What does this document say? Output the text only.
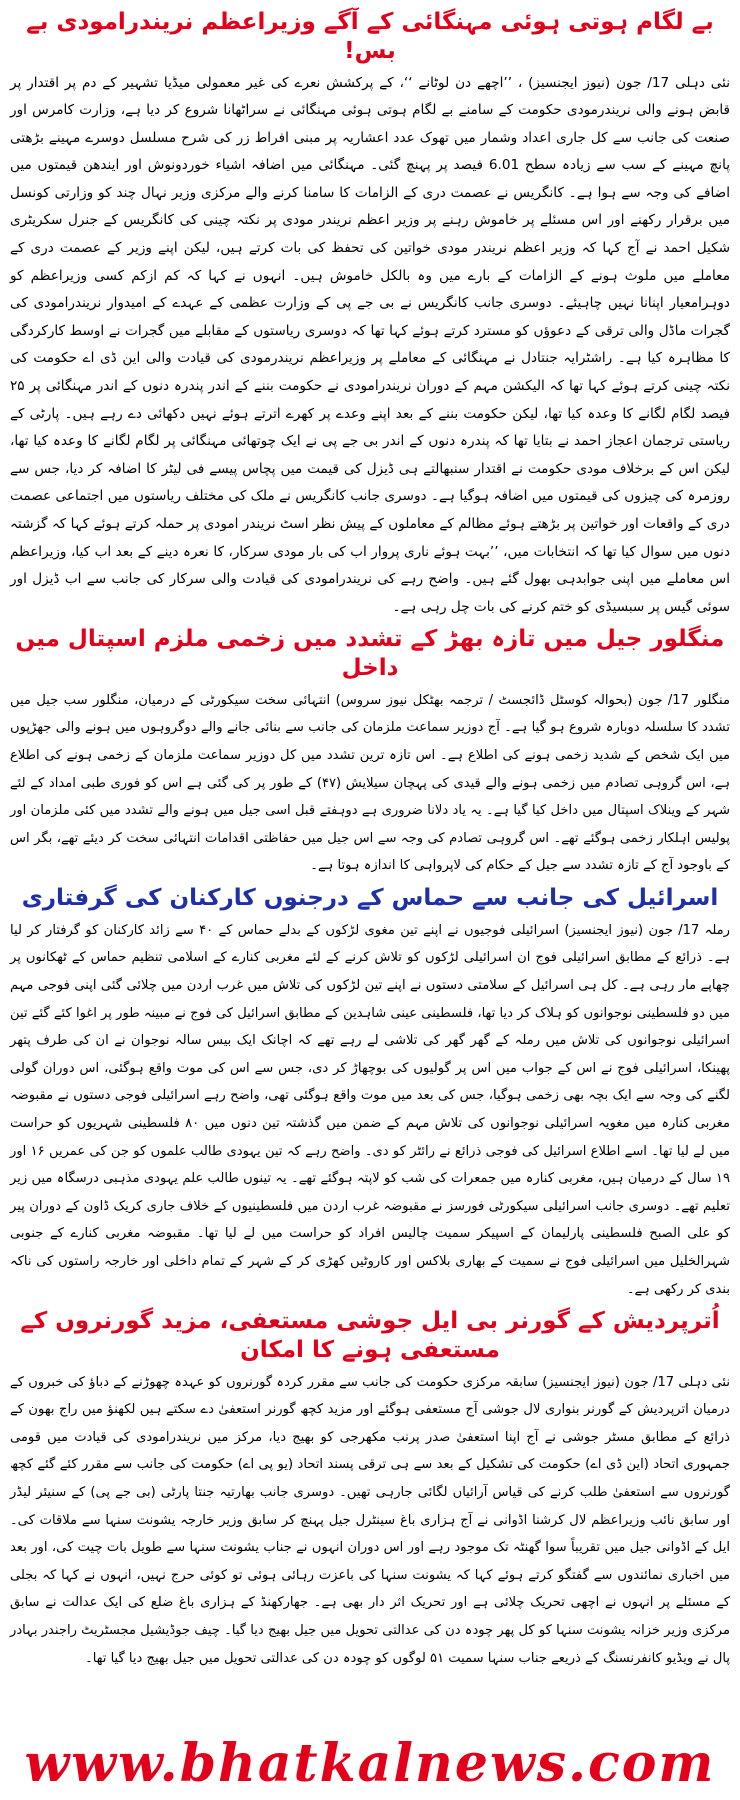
بے لگام ہوتی ہوئی مہنگائی کے آگے وزیراعظم نریندرامودی بے بس!

نئی دہلی 17/ جون (نیوز ایجنسیز) ، ’’اچھے دن لوٹانے ‘‘، کے پرکشش نعرے کی غیر معمولی میڈیا تشہیر کے دم پر اقتدار پر قابض ہونے والی نریندرمودی حکومت کے سامنے بے لگام ہوتی ہوئی مہنگائی نے سراٹھانا شروع کر دیا ہے، وزارت کامرس اور صنعت کی جانب سے کل جاری اعداد وشمار میں تھوک عدد اعشاریہ پر مبنی افراط زر کی شرح مسلسل دوسرے مہینے بڑھتی پانچ مہینے کے سب سے زیادہ سطح 6.01 فیصد پر پہنچ گئی۔ مہنگائی میں اضافہ اشیاء خوردونوش اور ایندھن قیمتوں میں اضافے کی وجہ سے ہوا ہے۔ کانگریس نے عصمت دری کے الزامات کا سامنا کرنے والے مرکزی وزیر نہال چند کو وزارتی کونسل میں برقرار رکھنے اور اس مسئلے پر خاموش رہنے پر وزیر اعظم نریندر مودی پر نکتہ چینی کی کانگریس کے جنرل سکریٹری شکیل احمد نے آج کہا کہ وزیر اعظم نریندر مودی خواتین کی تحفظ کی بات کرتے ہیں، لیکن اپنے وزیر کے عصمت دری کے معاملے میں ملوث ہونے کے الزامات کے بارے میں وہ بالکل خاموش ہیں۔ انہوں نے کہا کہ کم ازکم کسی وزیراعظم کو دوہرامعیار اپنانا نہیں چاہیئے۔ دوسری جانب کانگریس نے بی جے پی کے وزارت عظمی کے عہدے کے امیدوار نریندرامودی کی گجرات ماڈل والی ترقی کے دعوؤں کو مسترد کرتے ہوئے کہا تھا کہ دوسری ریاستوں کے مقابلے میں گجرات نے اوسط کارکردگی کا مظاہرہ کیا ہے۔ راشٹرایہ جنتادل نے مہنگائی کے معاملے پر وزیراعظم نریندرمودی کی قیادت والی این ڈی اے حکومت کی نکتہ چینی کرتے ہوئے کہا تھا کہ الیکشن مہم کے دوران نریندرامودی نے حکومت بننے کے اندر پندرہ دنوں کے اندر مہنگائی پر ۲۵ فیصد لگام لگانے کا وعدہ کیا تھا، لیکن حکومت بننے کے بعد اپنے وعدے پر کھرے اترتے ہوئے نہیں دکھائی دے رہے ہیں۔ پارٹی کے ریاستی ترجمان اعجاز احمد نے بتایا تھا کہ پندرہ دنوں کے اندر بی جے پی نے ایک چوتھائی مہنگائی پر لگام لگانے کا وعدہ کیا تھا، لیکن اس کے برخلاف مودی حکومت نے اقتدار سنبھالتے ہی ڈیزل کی قیمت میں پچاس پیسے فی لیٹر کا اضافہ کر دیا، جس سے روزمرہ کی چیزوں کی قیمتوں میں اضافہ ہوگیا ہے۔ دوسری جانب کانگریس نے ملک کی مختلف ریاستوں میں اجتماعی عصمت دری کے واقعات اور خواتین پر بڑھتے ہوئے مظالم کے معاملوں کے پیش نظر اسٹ نریندر امودی پر حملہ کرتے ہوئے کہا کہ گزشتہ دنوں میں سوال کیا تھا کہ انتخابات میں، ’’بہت ہوئے ناری پروار اب کی بار مودی سرکار، کا نعرہ دینے کے بعد اب کیا، وزیراعظم اس معاملے میں اپنی جوابدہی بھول گئے ہیں۔ واضح رہے کی نریندرامودی کی قیادت والی سرکار کی جانب سے اب ڈیزل اور سوئی گیس پر سبسیڈی کو ختم کرنے کی بات چل رہی ہے۔

منگلور جیل میں تازہ بھڑ کے تشدد میں زخمی ملزم اسپتال میں داخل

منگلور 17/ جون (بحوالہ کوسٹل ڈائجسٹ / ترجمہ بھٹکل نیوز سروس) انتہائی سخت سیکورٹی کے درمیان، منگلور سب جیل میں تشدد کا سلسلہ دوبارہ شروع ہو گیا ہے۔ آج دوزیر سماعت ملزمان کی جانب سے بنائی جانے والے دوگروہوں میں ہونے والی جھڑپوں میں ایک شخص کے شدید زخمی ہونے کی اطلاع ہے۔ اس تازہ ترین تشدد میں کل دوزیر سماعت ملزمان کے زخمی ہونے کی اطلاع ہے، اس گروہی تصادم میں زخمی ہونے والے قیدی کی پہچان سیلایش (۴۷) کے طور پر کی گئی ہے اس کو فوری طبی امداد کے لئے شہر کے وینلاک اسپتال میں داخل کیا گیا ہے۔ یہ یاد دلانا ضروری ہے دوہفتے قبل اسی جیل میں ہونے والے تشدد میں کئی ملزمان اور پولیس اہلکار زخمی ہوگئے تھے۔ اس گروہی تصادم کی وجہ سے اس جیل میں حفاظتی اقدامات انتہائی سخت کر دیئے تھے، بگر اس کے باوجود آج کے تازہ تشدد سے جیل کے حکام کی لاپرواہی کا اندازہ ہوتا ہے۔

اسرائیل کی جانب سے حماس کے درجنوں کارکنان کی گرفتاری

رملہ 17/ جون (نیوز ایجنسیز) اسرائیلی فوجیوں نے اپنے تین مغوی لڑکوں کے بدلے حماس کے ۴۰ سے زائد کارکنان کو گرفتار کر لیا ہے۔ ذرائع کے مطابق اسرائیلی فوج ان اسرائیلی لڑکوں کو تلاش کرنے کے لئے مغربی کنارے کے اسلامی تنظیم حماس کے ٹھکانوں پر چھاپے مار رہی ہے۔ کل ہی اسرائیل کے سلامتی دستوں نے اپنے تین لڑکوں کی تلاش میں غرب اردن میں چلائی گئی اپنی فوجی مہم میں دو فلسطینی نوجوانوں کو ہلاک کر دیا تھا، فلسطینی عینی شاہدین کے مطابق اسرائیل کی فوج نے مبینہ طور پر اغوا کئے گئے تین اسرائیلی نوجوانوں کی تلاش میں رملہ کے گھر گھر کی تلاشی لے رہے تھے کہ اچانک ایک بیس سالہ نوجوان نے ان کی طرف پتھر پھینکا، اسرائیلی فوج نے اس کے جواب میں اس پر گولیوں کی بوچھاڑ کر دی، جس سے اس کی موت واقع ہوگئی، اس دوران گولی لگنے کی وجہ سے ایک بچہ بھی زخمی ہوگیا، جس کی بعد میں موت واقع ہوگئی تھی، واضح رہے اسرائیلی فوجی دستوں نے مقبوضہ مغربی کنارہ میں مغویہ اسرائیلی نوجوانوں کی تلاش مہم کے ضمن میں گذشتہ تین دنوں میں ۸۰ فلسطینی شہریوں کو حراست میں لے لیا تھا۔ اسے اطلاع اسرائیل کی فوجی ذرائع نے رائٹر کو دی۔ واضح رہے کہ تین یہودی طالب علموں کو جن کی عمریں ۱۶ اور ۱۹ سال کے درمیان ہیں، مغربی کنارہ میں جمعرات کی شب کو لاپتہ ہوگئے تھے۔ یہ تینوں طالب علم یہودی مذہبی درسگاہ میں زیر تعلیم تھے۔ دوسری جانب اسرائیلی سیکورٹی فورسز نے مقبوضہ غرب اردن میں فلسطینیوں کے خلاف جاری کریک ڈاون کے دوران پیر کو علی الصبح فلسطینی پارلیمان کے اسپیکر سمیت چالیس افراد کو حراست میں لے لیا تھا۔ مقبوضہ مغربی کنارے کے جنوبی شہرالخلیل میں اسرائیلی فوج نے سمیت کے بھاری بلاکس اور کاروٹیں کھڑی کر کے شہر کے تمام داخلی اور خارجہ راستوں کی ناکہ بندی کر رکھی ہے۔

اُترپردیش کے گورنر بی ایل جوشی مستعفی، مزید گورنروں کے مستعفی ہونے کا امکان

نئی دہلی 17/ جون (نیوز ایجنسیز) سابقہ مرکزی حکومت کی جانب سے مقرر کردہ گورنروں کو عہدہ چھوڑنے کے دباؤ کی خبروں کے درمیان اترپردیش کے گورنر بنواری لال جوشی آج مستعفی ہوگئے اور مزید کچھ گورنر استعفیٰ دے سکتے ہیں لکھنؤ میں راج بھون کے ذرائع کے مطابق مسٹر جوشی نے آج اپنا استعفیٰ صدر پرنب مکھرجی کو بھیج دیا، مرکز میں نریندرامودی کی قیادت میں قومی جمہوری اتحاد (این ڈی اے) حکومت کی تشکیل کے بعد سے ہی ترقی پسند اتحاد (یو پی اے) حکومت کی جانب سے مقرر کئے گئے کچھ گورنروں سے استعفیٰ طلب کرنے کی قیاس آرائیاں لگائی جارہی تھیں۔ دوسری جانب بھارتیہ جنتا پارٹی (بی جے پی) کے سنیئر لیڈر اور سابق نائب وزیراعظم لال کرشنا اڈوانی نے آج ہزاری باغ سینٹرل جیل پہنچ کر سابق وزیر خارجہ یشونت سنہا سے ملاقات کی۔ ایل کے اڈوانی جیل میں تقریباً سوا گھنٹہ تک موجود رہے اور اس دوران انہوں نے جناب یشونت سنہا سے طویل بات چیت کی، اور بعد میں اخباری نمائندوں سے گفتگو کرتے ہوئے کہا کہ یشونت سنہا کی باعزت رہائی ہوئی تو کوئی حرج نہیں، انہوں نے کہا کہ بجلی کے مسئلے پر انہوں نے اچھی تحریک چلائی ہے اور تحریک اثر دار بھی ہے۔ جھارکھنڈ کے ہزاری باغ ضلع کی ایک عدالت نے سابق مرکزی وزیر خزانہ یشونت سنہا کو کل پھر چودہ دن کی عدالتی تحویل میں جیل بھیج دیا گیا۔ چیف جوڈیشیل مجسٹریٹ راجندر بہادر پال نے ویڈیو کانفرنسنگ کے ذریعے جناب سنہا سمیت ۵۱ لوگوں کو چودہ دن کی عدالتی تحویل میں جیل بھیج دیا گیا تھا۔

www.bhatkalnews.com
